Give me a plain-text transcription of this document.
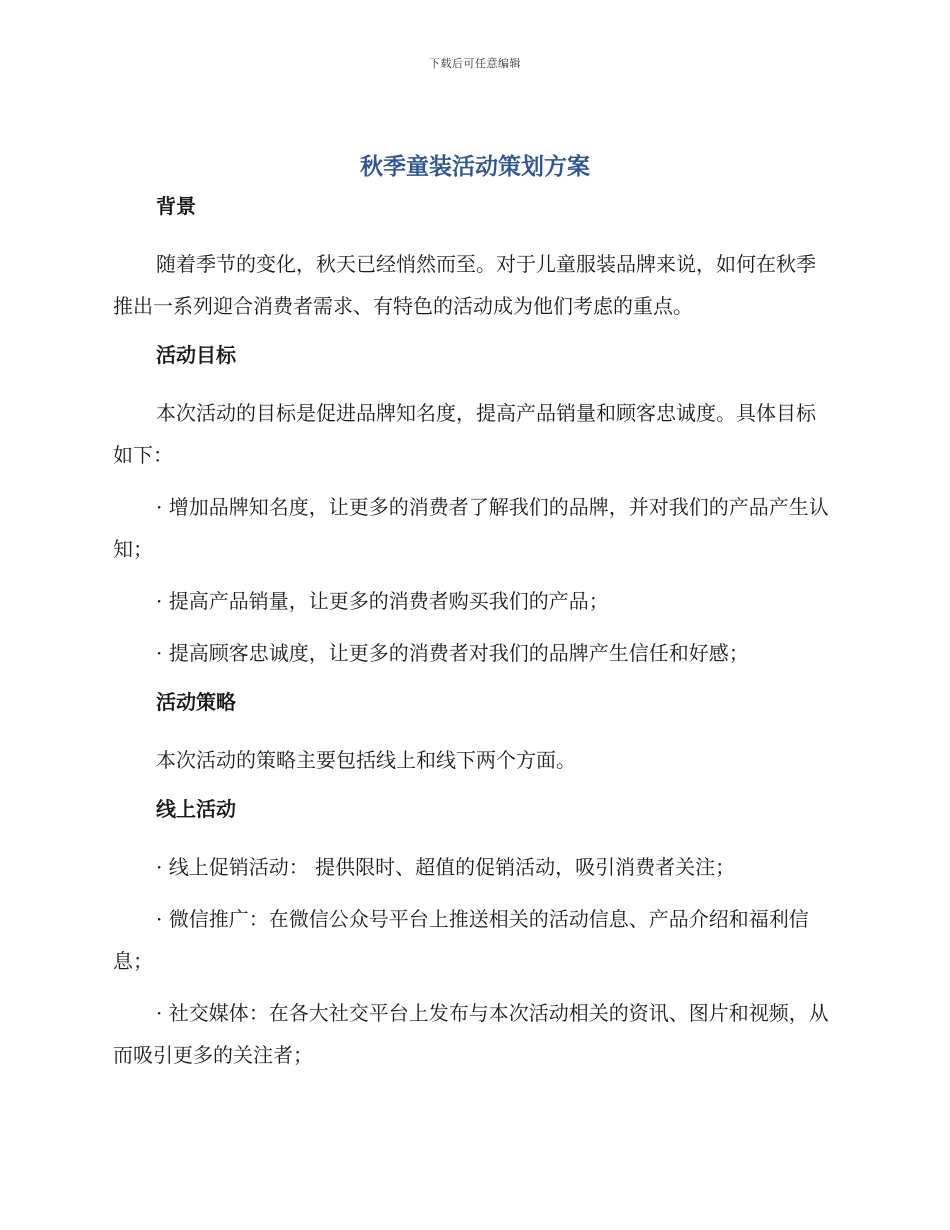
下载后可任意编辑
秋季童装活动策划方案
背景

随着季节的变化，秋天已经悄然而至。对于儿童服装品牌来说，如何在秋季推出一系列迎合消费者需求、有特色的活动成为他们考虑的重点。

活动目标

本次活动的目标是促进品牌知名度，提高产品销量和顾客忠诚度。具体目标如下：

· 增加品牌知名度，让更多的消费者了解我们的品牌，并对我们的产品产生认知；

· 提高产品销量，让更多的消费者购买我们的产品；

· 提高顾客忠诚度，让更多的消费者对我们的品牌产生信任和好感；

活动策略

本次活动的策略主要包括线上和线下两个方面。

线上活动

· 线上促销活动： 提供限时、超值的促销活动，吸引消费者关注；

· 微信推广：在微信公众号平台上推送相关的活动信息、产品介绍和福利信息；

· 社交媒体：在各大社交平台上发布与本次活动相关的资讯、图片和视频，从而吸引更多的关注者；
